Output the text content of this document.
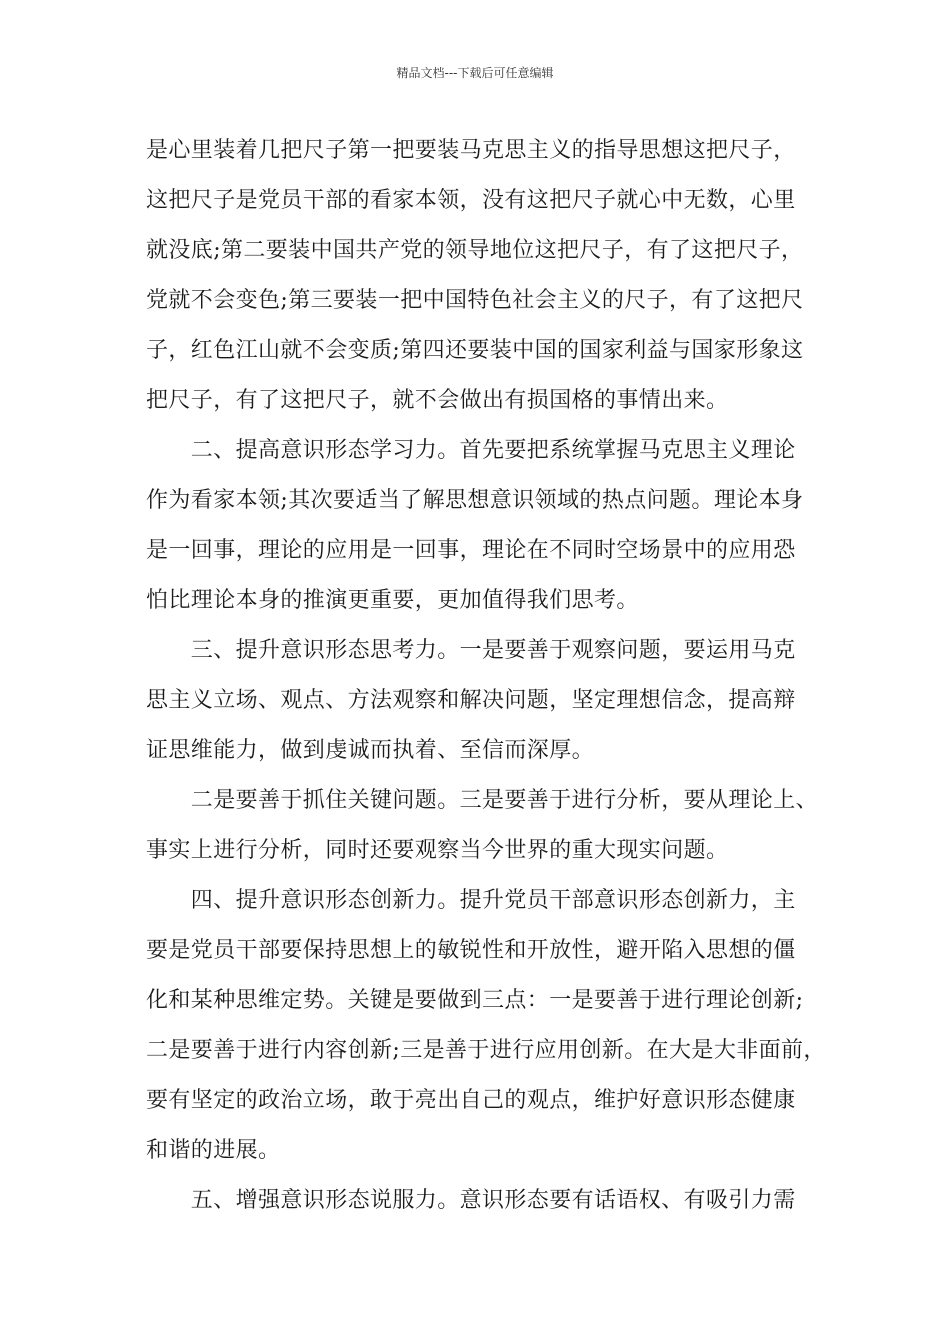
精品文档---下载后可任意编辑
是心里装着几把尺子第一把要装马克思主义的指导思想这把尺子，
这把尺子是党员干部的看家本领，没有这把尺子就心中无数，心里
就没底;第二要装中国共产党的领导地位这把尺子，有了这把尺子，
党就不会变色;第三要装一把中国特色社会主义的尺子，有了这把尺
子，红色江山就不会变质;第四还要装中国的国家利益与国家形象这
把尺子，有了这把尺子，就不会做出有损国格的事情出来。
　　二、提高意识形态学习力。首先要把系统掌握马克思主义理论
作为看家本领;其次要适当了解思想意识领域的热点问题。理论本身
是一回事，理论的应用是一回事，理论在不同时空场景中的应用恐
怕比理论本身的推演更重要，更加值得我们思考。
　　三、提升意识形态思考力。一是要善于观察问题，要运用马克
思主义立场、观点、方法观察和解决问题，坚定理想信念，提高辩
证思维能力，做到虔诚而执着、至信而深厚。
　　二是要善于抓住关键问题。三是要善于进行分析，要从理论上、
事实上进行分析，同时还要观察当今世界的重大现实问题。
　　四、提升意识形态创新力。提升党员干部意识形态创新力，主
要是党员干部要保持思想上的敏锐性和开放性，避开陷入思想的僵
化和某种思维定势。关键是要做到三点：一是要善于进行理论创新;
二是要善于进行内容创新;三是善于进行应用创新。在大是大非面前，
要有坚定的政治立场，敢于亮出自己的观点，维护好意识形态健康
和谐的进展。
　　五、增强意识形态说服力。意识形态要有话语权、有吸引力需
